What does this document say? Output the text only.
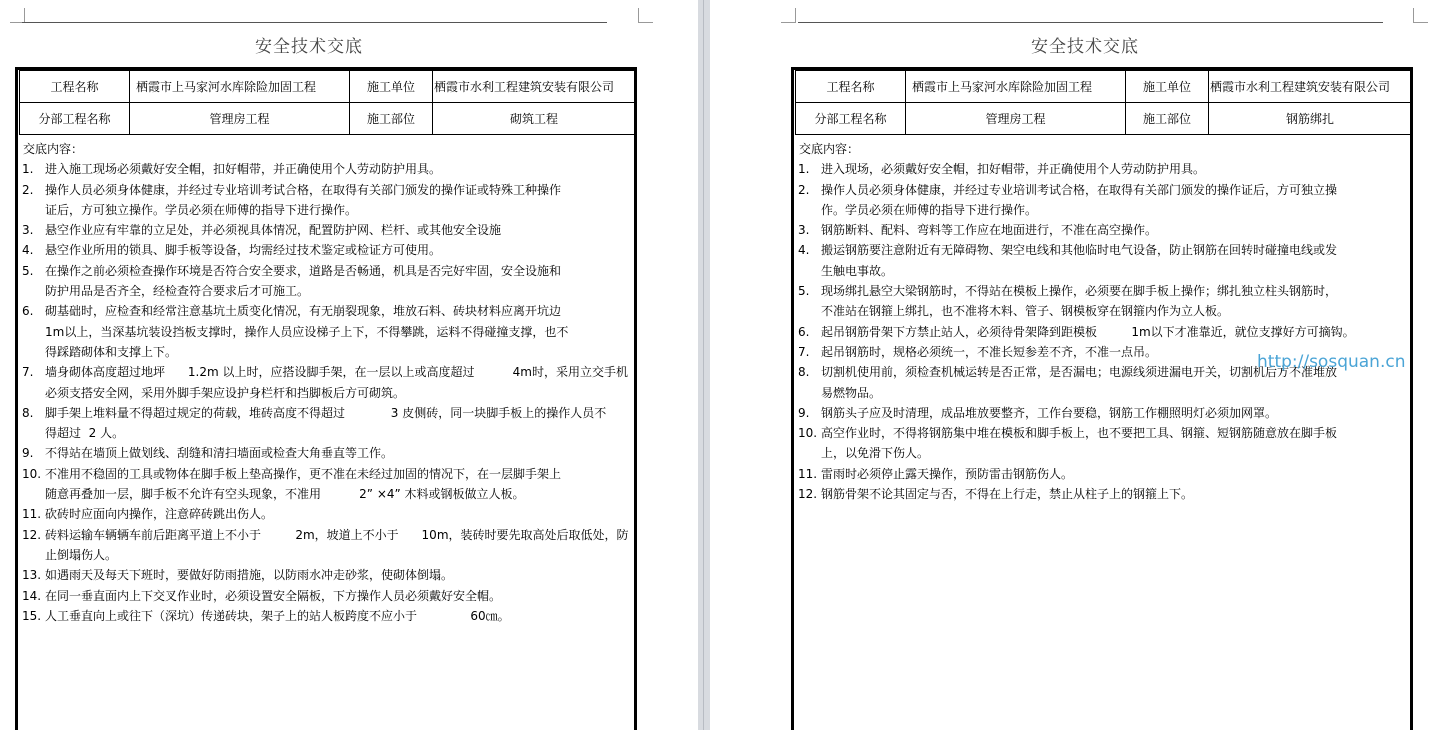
安全技术交底
工程名称	栖霞市上马家河水库除险加固工程	施工单位	栖霞市水利工程建筑安装有限公司
分部工程名称	管理房工程	施工部位	砌筑工程
交底内容：
1. 进入施工现场必须戴好安全帽，扣好帽带，并正确使用个人劳动防护用具。
2. 操作人员必须身体健康，并经过专业培训考试合格，在取得有关部门颁发的操作证或特殊工种操作
证后，方可独立操作。学员必须在师傅的指导下进行操作。
3. 悬空作业应有牢靠的立足处，并必须视具体情况，配置防护网、栏杆、或其他安全设施
4. 悬空作业所用的锁具、脚手板等设备，均需经过技术鉴定或检证方可使用。
5. 在操作之前必须检查操作环境是否符合安全要求，道路是否畅通，机具是否完好牢固，安全设施和
防护用品是否齐全，经检查符合要求后才可施工。
6. 砌基础时，应检查和经常注意基坑土质变化情况，有无崩裂现象，堆放石料、砖块材料应离开坑边
1m以上，当深基坑装设挡板支撑时，操作人员应设梯子上下，不得攀跳，运料不得碰撞支撑，也不
得踩踏砌体和支撑上下。
7. 墙身砌体高度超过地坪      1.2m 以上时，应搭设脚手架，在一层以上或高度超过          4m时，采用立交手机
必须支搭安全网，采用外脚手架应设护身栏杆和挡脚板后方可砌筑。
8. 脚手架上堆料量不得超过规定的荷载，堆砖高度不得超过            3 皮侧砖，同一块脚手板上的操作人员不
得超过  2 人。
9. 不得站在墙顶上做划线、刮缝和清扫墙面或检查大角垂直等工作。
10. 不准用不稳固的工具或物体在脚手板上垫高操作，更不准在未经过加固的情况下，在一层脚手架上
随意再叠加一层，脚手板不允许有空头现象，不准用          2” ×4” 木料或钢板做立人板。
11. 砍砖时应面向内操作，注意碎砖跳出伤人。
12. 砖料运输车辆辆车前后距离平道上不小于         2m，坡道上不小于      10m，装砖时要先取高处后取低处，防
止倒塌伤人。
13. 如遇雨天及每天下班时，要做好防雨措施，以防雨水冲走砂浆，使砌体倒塌。
14. 在同一垂直面内上下交叉作业时，必须设置安全隔板，下方操作人员必须戴好安全帽。
15. 人工垂直向上或往下（深坑）传递砖块，架子上的站人板跨度不应小于              60㎝。
安全技术交底
工程名称	栖霞市上马家河水库除险加固工程	施工单位	栖霞市水利工程建筑安装有限公司
分部工程名称	管理房工程	施工部位	钢筋绑扎
交底内容：
1. 进入现场，必须戴好安全帽，扣好帽带，并正确使用个人劳动防护用具。
2. 操作人员必须身体健康，并经过专业培训考试合格，在取得有关部门颁发的操作证后，方可独立操
作。学员必须在师傅的指导下进行操作。
3. 钢筋断料、配料、弯料等工作应在地面进行，不准在高空操作。
4. 搬运钢筋要注意附近有无障碍物、架空电线和其他临时电气设备，防止钢筋在回转时碰撞电线或发
生触电事故。
5. 现场绑扎悬空大梁钢筋时，不得站在模板上操作，必须要在脚手板上操作；绑扎独立柱头钢筋时，
不准站在钢箍上绑扎，也不准将木料、管子、钢模板穿在钢箍内作为立人板。
6. 起吊钢筋骨架下方禁止站人，必须待骨架降到距模板         1m以下才准靠近，就位支撑好方可摘钩。
7. 起吊钢筋时，规格必须统一，不准长短参差不齐，不准一点吊。
8. 切割机使用前，须检查机械运转是否正常，是否漏电；电源线须进漏电开关，切割机后方不准堆放
易燃物品。
9. 钢筋头子应及时清理，成品堆放要整齐，工作台要稳，钢筋工作棚照明灯必须加网罩。
10. 高空作业时，不得将钢筋集中堆在模板和脚手板上，也不要把工具、钢箍、短钢筋随意放在脚手板
上，以免滑下伤人。
11. 雷雨时必须停止露天操作，预防雷击钢筋伤人。
12. 钢筋骨架不论其固定与否，不得在上行走，禁止从柱子上的钢箍上下。
http://sosquan.cn
